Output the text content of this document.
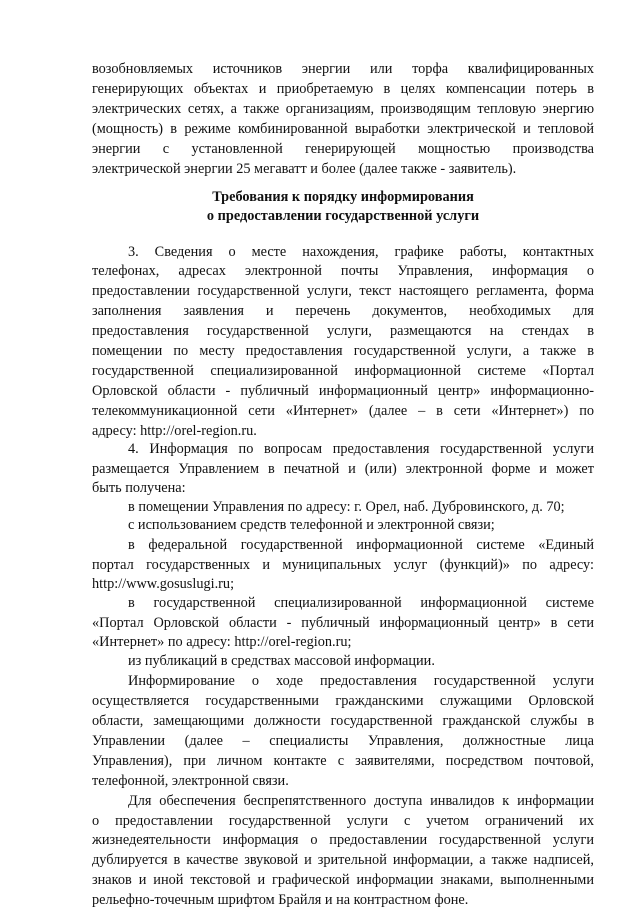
возобновляемых источников энергии или торфа квалифицированных
генерирующих объектах и приобретаемую в целях компенсации потерь в
электрических сетях, а также организациям, производящим тепловую энергию
(мощность) в режиме комбинированной выработки электрической и тепловой
энергии с установленной генерирующей мощностью производства
электрической энергии 25 мегаватт и более (далее также - заявитель).
Требования к порядку информирования
о предоставлении государственной услуги
3. Сведения о месте нахождения, графике работы, контактных
телефонах, адресах электронной почты Управления, информация о
предоставлении государственной услуги, текст настоящего регламента, форма
заполнения заявления и перечень документов, необходимых для
предоставления государственной услуги, размещаются на стендах в
помещении по месту предоставления государственной услуги, а также в
государственной специализированной информационной системе «Портал
Орловской области - публичный информационный центр» информационно-
телекоммуникационной сети «Интернет» (далее – в сети «Интернет») по
адресу: http://orel-region.ru.
4. Информация по вопросам предоставления государственной услуги
размещается Управлением в печатной и (или) электронной форме и может
быть получена:
в помещении Управления по адресу: г. Орел, наб. Дубровинского, д. 70;
с использованием средств телефонной и электронной связи;
в федеральной государственной информационной системе «Единый
портал государственных и муниципальных услуг (функций)» по адресу:
http://www.gosuslugi.ru;
в государственной специализированной информационной системе
«Портал Орловской области - публичный информационный центр» в сети
«Интернет» по адресу: http://orel-region.ru;
из публикаций в средствах массовой информации.
Информирование о ходе предоставления государственной услуги
осуществляется государственными гражданскими служащими Орловской
области, замещающими должности государственной гражданской службы в
Управлении (далее – специалисты Управления, должностные лица
Управления), при личном контакте с заявителями, посредством почтовой,
телефонной, электронной связи.
Для обеспечения беспрепятственного доступа инвалидов к информации
о предоставлении государственной услуги с учетом ограничений их
жизнедеятельности информация о предоставлении государственной услуги
дублируется в качестве звуковой и зрительной информации, а также надписей,
знаков и иной текстовой и графической информации знаками, выполненными
рельефно-точечным шрифтом Брайля и на контрастном фоне.
